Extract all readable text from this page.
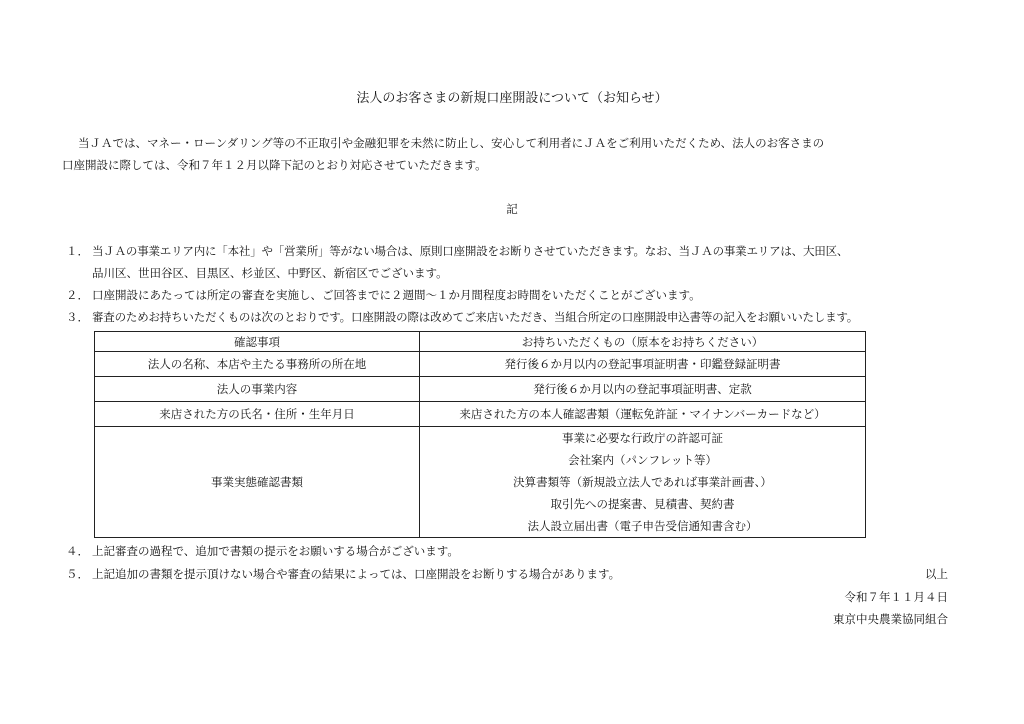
法人のお客さまの新規口座開設について（お知らせ）
当ＪＡでは、マネー・ローンダリング等の不正取引や金融犯罪を未然に防止し、安心して利用者にＪＡをご利用いただくため、法人のお客さまの
口座開設に際しては、令和７年１２月以降下記のとおり対応させていただきます。
記
１． 当ＪＡの事業エリア内に「本社」や「営業所」等がない場合は、原則口座開設をお断りさせていただきます。なお、当ＪＡの事業エリアは、大田区、
品川区、世田谷区、目黒区、杉並区、中野区、新宿区でございます。
２． 口座開設にあたっては所定の審査を実施し、ご回答までに２週間～１か月間程度お時間をいただくことがございます。
３． 審査のためお持ちいただくものは次のとおりです。口座開設の際は改めてご来店いただき、当組合所定の口座開設申込書等の記入をお願いいたします。
確認事項	お持ちいただくもの（原本をお持ちください）
法人の名称、本店や主たる事務所の所在地	発行後６か月以内の登記事項証明書・印鑑登録証明書
法人の事業内容	発行後６か月以内の登記事項証明書、定款
来店された方の氏名・住所・生年月日	来店された方の本人確認書類（運転免許証・マイナンバーカードなど）
事業実態確認書類	事業に必要な行政庁の許認可証
会社案内（パンフレット等）
決算書類等（新規設立法人であれば事業計画書、）
取引先への提案書、見積書、契約書
法人設立届出書（電子申告受信通知書含む）
４． 上記審査の過程で、追加で書類の提示をお願いする場合がございます。
５． 上記追加の書類を提示頂けない場合や審査の結果によっては、口座開設をお断りする場合があります。	以上
令和７年１１月４日
東京中央農業協同組合
